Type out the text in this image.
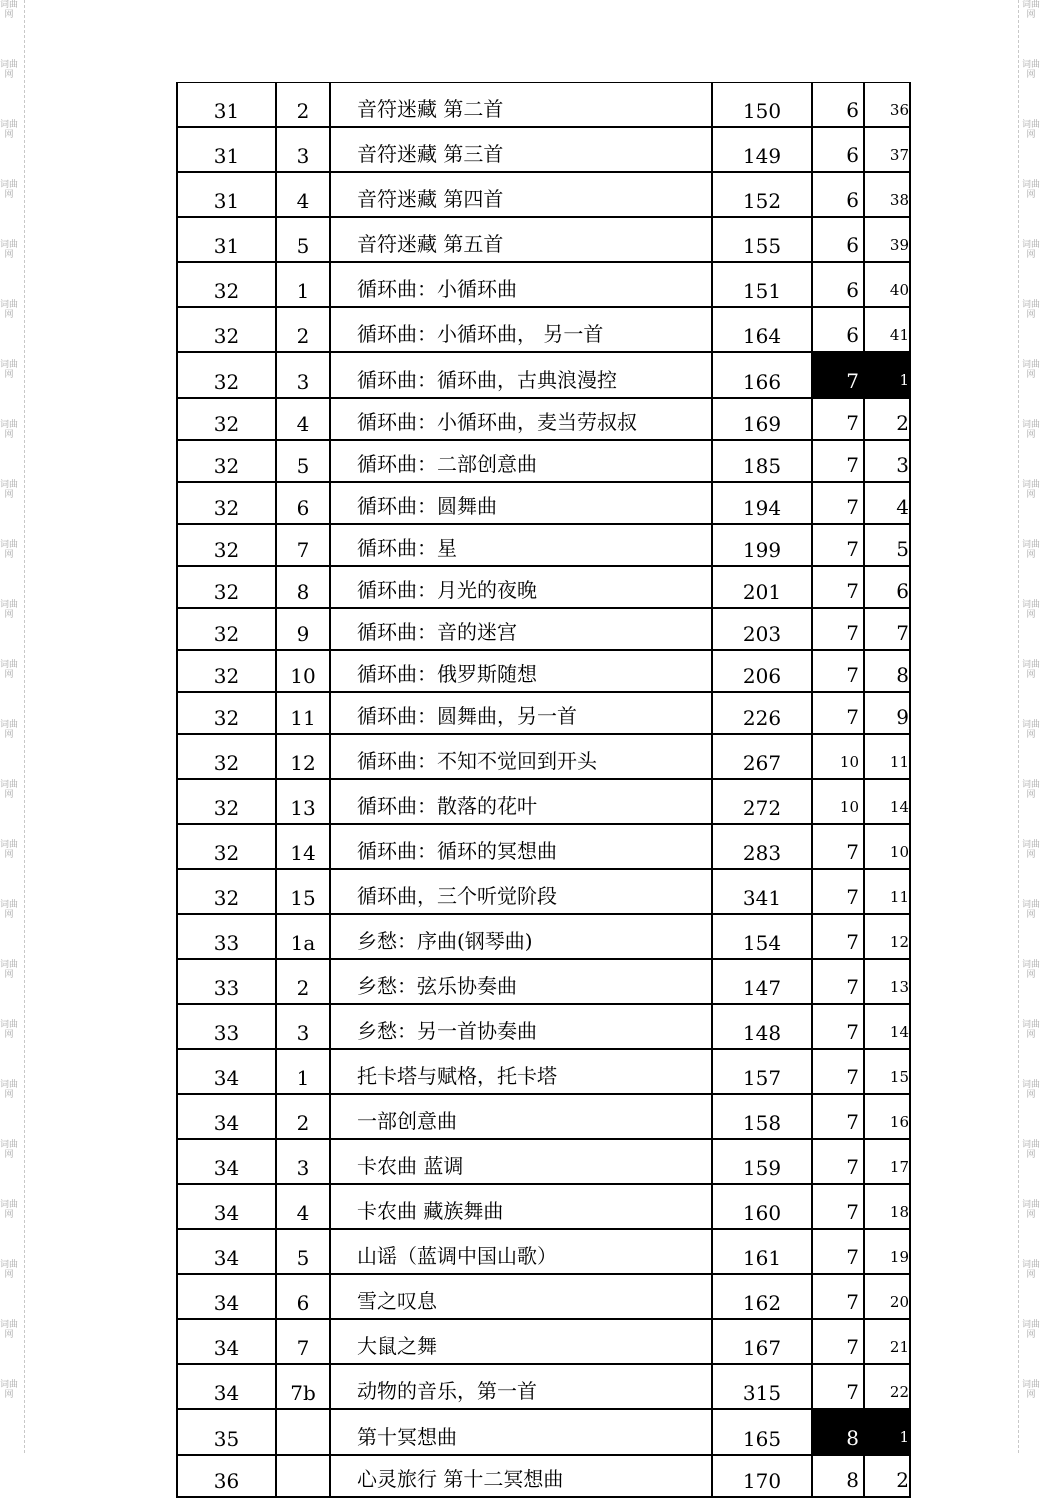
词曲网
词曲网
词曲网
词曲网
词曲网
词曲网
词曲网
词曲网
词曲网
词曲网
词曲网
词曲网
词曲网
词曲网
词曲网
词曲网
词曲网
词曲网
词曲网
词曲网
词曲网
词曲网
词曲网
词曲网
词曲网
词曲网
词曲网
词曲网
词曲网
词曲网
词曲网
词曲网
词曲网
词曲网
词曲网
词曲网
词曲网
词曲网
词曲网
词曲网
词曲网
词曲网
词曲网
词曲网
词曲网
词曲网
词曲网
词曲网
31	2	音符迷藏 第二首	150	6	36
31	3	音符迷藏 第三首	149	6	37
31	4	音符迷藏 第四首	152	6	38
31	5	音符迷藏 第五首	155	6	39
32	1	循环曲：小循环曲	151	6	40
32	2	循环曲：小循环曲， 另一首	164	6	41
32	3	循环曲：循环曲，古典浪漫控	166	7	1
32	4	循环曲：小循环曲，麦当劳叔叔	169	7	2
32	5	循环曲：二部创意曲	185	7	3
32	6	循环曲：圆舞曲	194	7	4
32	7	循环曲：星	199	7	5
32	8	循环曲：月光的夜晚	201	7	6
32	9	循环曲：音的迷宫	203	7	7
32	10	循环曲：俄罗斯随想	206	7	8
32	11	循环曲：圆舞曲，另一首	226	7	9
32	12	循环曲：不知不觉回到开头	267	10	11
32	13	循环曲：散落的花叶	272	10	14
32	14	循环曲：循环的冥想曲	283	7	10
32	15	循环曲，三个听觉阶段	341	7	11
33	1a	乡愁：序曲(钢琴曲)	154	7	12
33	2	乡愁：弦乐协奏曲	147	7	13
33	3	乡愁：另一首协奏曲	148	7	14
34	1	托卡塔与赋格，托卡塔	157	7	15
34	2	一部创意曲	158	7	16
34	3	卡农曲 蓝调	159	7	17
34	4	卡农曲 藏族舞曲	160	7	18
34	5	山谣（蓝调中国山歌）	161	7	19
34	6	雪之叹息	162	7	20
34	7	大鼠之舞	167	7	21
34	7b	动物的音乐，第一首	315	7	22
35		第十冥想曲	165	8	1
36		心灵旅行 第十二冥想曲	170	8	2
